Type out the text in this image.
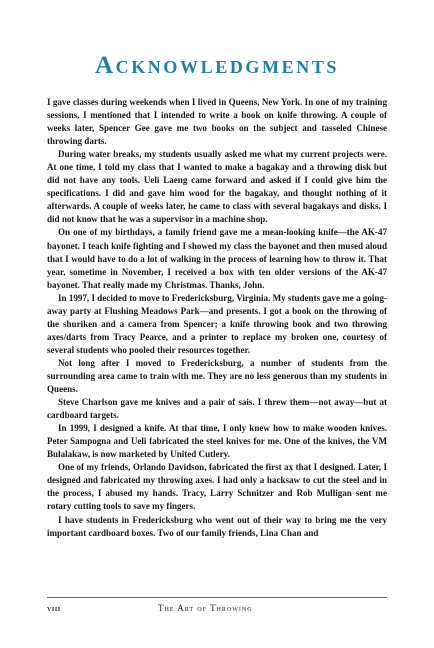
Acknowledgments

I gave classes during weekends when I lived in Queens, New York. In one of my training sessions, I mentioned that I intended to write a book on knife throwing. A couple of weeks later, Spencer Gee gave me two books on the subject and tasseled Chinese throwing darts.

During water breaks, my students usually asked me what my current projects were. At one time, I told my class that I wanted to make a bagakay and a throwing disk but did not have any tools. Ueli Laeng came forward and asked if I could give him the specifications. I did and gave him wood for the bagakay, and thought nothing of it afterwards. A couple of weeks later, he came to class with several bagakays and disks. I did not know that he was a supervisor in a machine shop.

On one of my birthdays, a family friend gave me a mean-looking knife—the AK-47 bayonet. I teach knife fighting and I showed my class the bayonet and then mused aloud that I would have to do a lot of walking in the process of learning how to throw it. That year, sometime in November, I received a box with ten older versions of the AK-47 bayonet. That really made my Christmas. Thanks, John.

In 1997, I decided to move to Fredericksburg, Virginia. My students gave me a going-away party at Flushing Meadows Park—and presents. I got a book on the throwing of the shuriken and a camera from Spencer; a knife throwing book and two throwing axes/darts from Tracy Pearce, and a printer to replace my broken one, courtesy of several students who pooled their resources together.

Not long after I moved to Fredericksburg, a number of students from the surrounding area came to train with me. They are no less generous than my students in Queens.

Steve Charlson gave me knives and a pair of sais. I threw them—not away—but at cardboard targets.

In 1999, I designed a knife. At that time, I only knew how to make wooden knives. Peter Sampogna and Ueli fabricated the steel knives for me. One of the knives, the VM Bulalakaw, is now marketed by United Cutlery.

One of my friends, Orlando Davidson, fabricated the first ax that I designed. Later, I designed and fabricated my throwing axes. I had only a hacksaw to cut the steel and in the process, I abused my hands. Tracy, Larry Schnitzer and Rob Mulligan sent me rotary cutting tools to save my fingers.

I have students in Fredericksburg who went out of their way to bring me the very important cardboard boxes. Two of our family friends, Lina Chan and

viii	The Art of Throwing
